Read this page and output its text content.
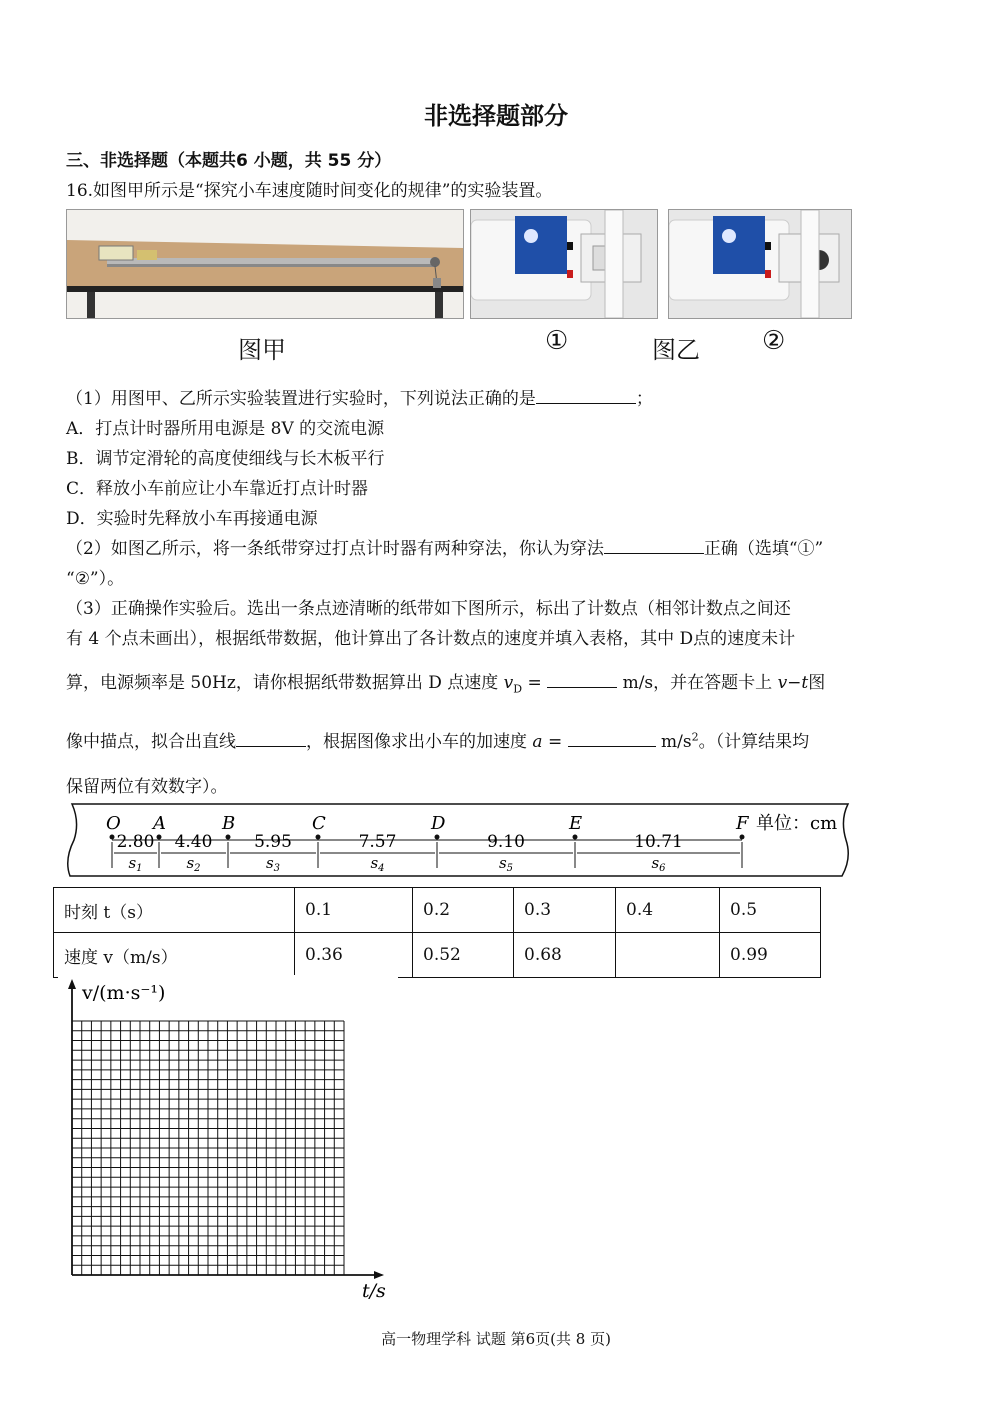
非选择题部分
三、非选择题（本题共6 小题，共 55 分）
16.如图甲所示是“探究小车速度随时间变化的规律”的实验装置。
图甲	①	图乙 ②
（1）用图甲、乙所示实验装置进行实验时，下列说法正确的是	；
A．打点计时器所用电源是 8V 的交流电源
B．调节定滑轮的高度使细线与长木板平行
C．释放小车前应让小车靠近打点计时器
D．实验时先释放小车再接通电源
（2）如图乙所示，将一条纸带穿过打点计时器有两种穿法，你认为穿法	正确（选填“①”
“②”）。
（3）正确操作实验后。选出一条点迹清晰的纸带如下图所示，标出了计数点（相邻计数点之间还
有 4 个点未画出），根据纸带数据，他计算出了各计数点的速度并填入表格，其中 D点的速度未计
算，电源频率是 50Hz，请你根据纸带数据算出 D 点速度 $v_D$ =	m/s，并在答题卡上 v−t图
像中描点，拟合出直线	，根据图像求出小车的加速度 a =	$m/s^2$。（计算结果均
保留两位有效数字）。
O A	B	C	D	E	F
2.80
$s_1$
4.40
$s_2$
5.95
$s_3$
7.57
$s_4$
9.10
$s_5$
10.71
$s_6$
单位：cm
时刻 t（s）	0.1	0.2	0.3	0.4	0.5
速度 v（m/s）	0.36	0.52	0.68		0.99
v/(m·s⁻¹)
t/s
高一物理学科 试题 第6页(共 8 页)
